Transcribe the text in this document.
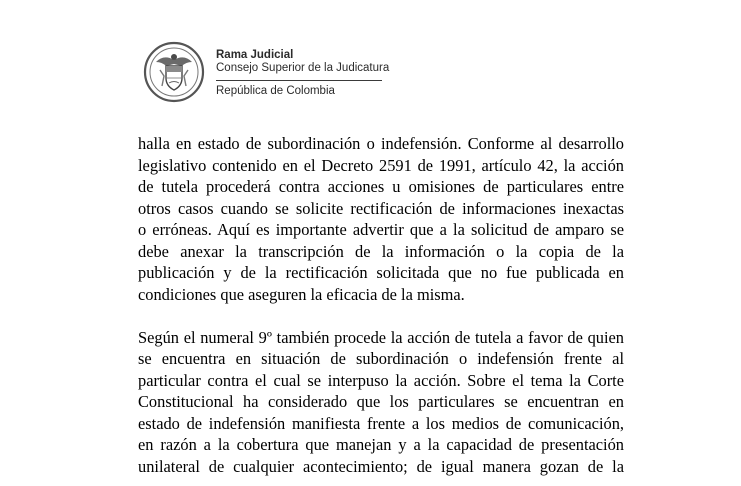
Rama Judicial
Consejo Superior de la Judicatura
República de Colombia
halla en estado de subordinación o indefensión. Conforme al desarrollo
legislativo contenido en el Decreto 2591 de 1991, artículo 42, la acción
de tutela procederá contra acciones u omisiones de particulares entre
otros casos cuando se solicite rectificación de informaciones inexactas
o erróneas. Aquí es importante advertir que a la solicitud de amparo se
debe anexar la transcripción de la información o la copia de la
publicación y de la rectificación solicitada que no fue publicada en
condiciones que aseguren la eficacia de la misma.
Según el numeral 9º también procede la acción de tutela a favor de quien
se encuentra en situación de subordinación o indefensión frente al
particular contra el cual se interpuso la acción. Sobre el tema la Corte
Constitucional ha considerado que los particulares se encuentran en
estado de indefensión manifiesta frente a los medios de comunicación,
en razón a la cobertura que manejan y a la capacidad de presentación
unilateral de cualquier acontecimiento; de igual manera gozan de la
